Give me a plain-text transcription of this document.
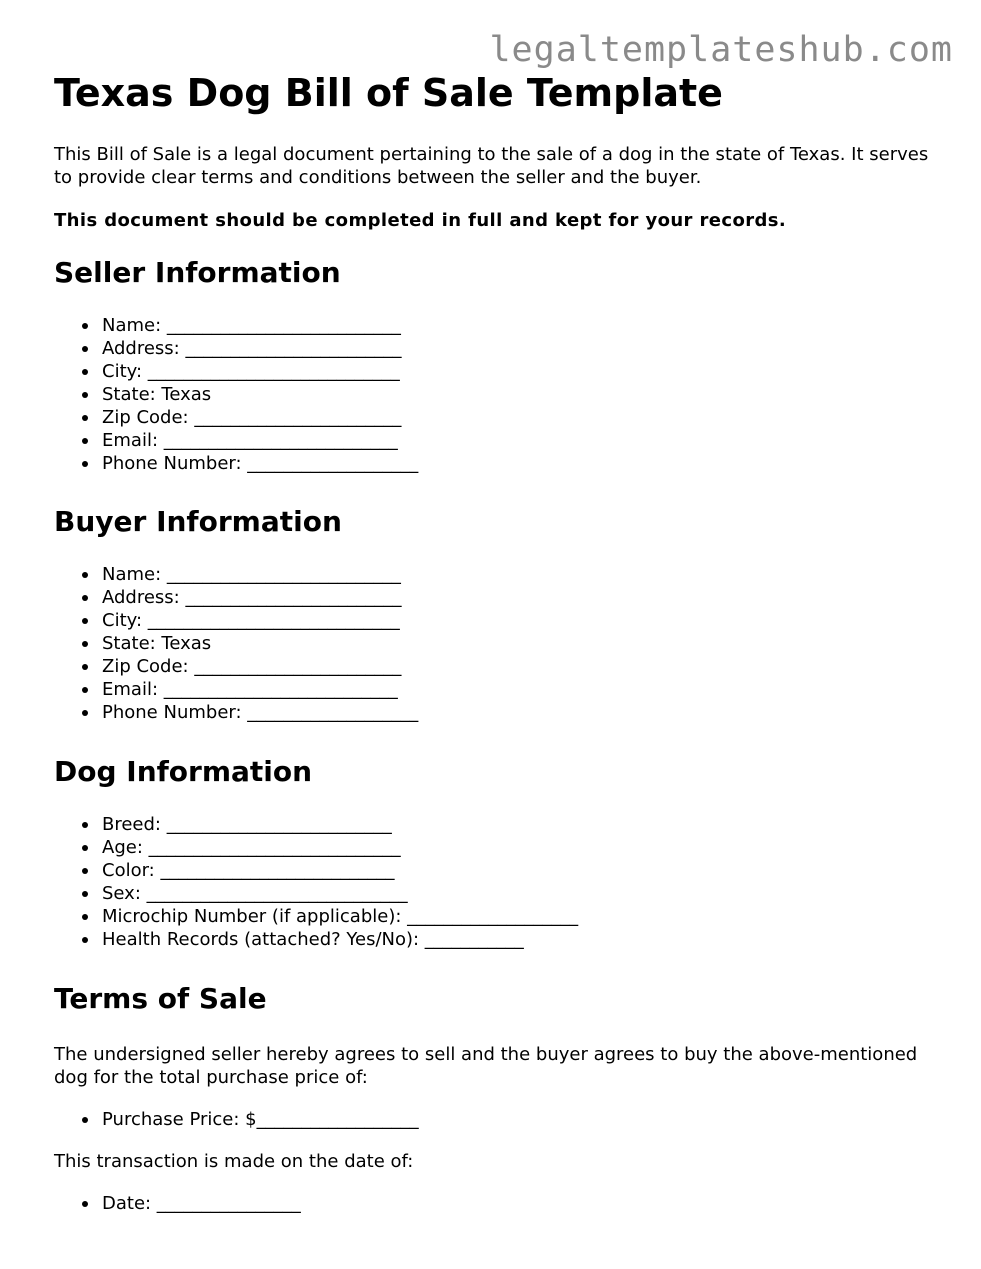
legaltemplateshub.com
Texas Dog Bill of Sale Template

This Bill of Sale is a legal document pertaining to the sale of a dog in the state of Texas. It serves to provide clear terms and conditions between the seller and the buyer.

This document should be completed in full and kept for your records.

Seller Information
Name: __________________________
Address: ________________________
City: ____________________________
State: Texas
Zip Code: _______________________
Email: __________________________
Phone Number: ___________________
Buyer Information
Name: __________________________
Address: ________________________
City: ____________________________
State: Texas
Zip Code: _______________________
Email: __________________________
Phone Number: ___________________
Dog Information
Breed: _________________________
Age: ____________________________
Color: __________________________
Sex: _____________________________
Microchip Number (if applicable): ___________________
Health Records (attached? Yes/No): ___________
Terms of Sale

The undersigned seller hereby agrees to sell and the buyer agrees to buy the above-mentioned dog for the total purchase price of:

Purchase Price: $__________________

This transaction is made on the date of:

Date: ________________
